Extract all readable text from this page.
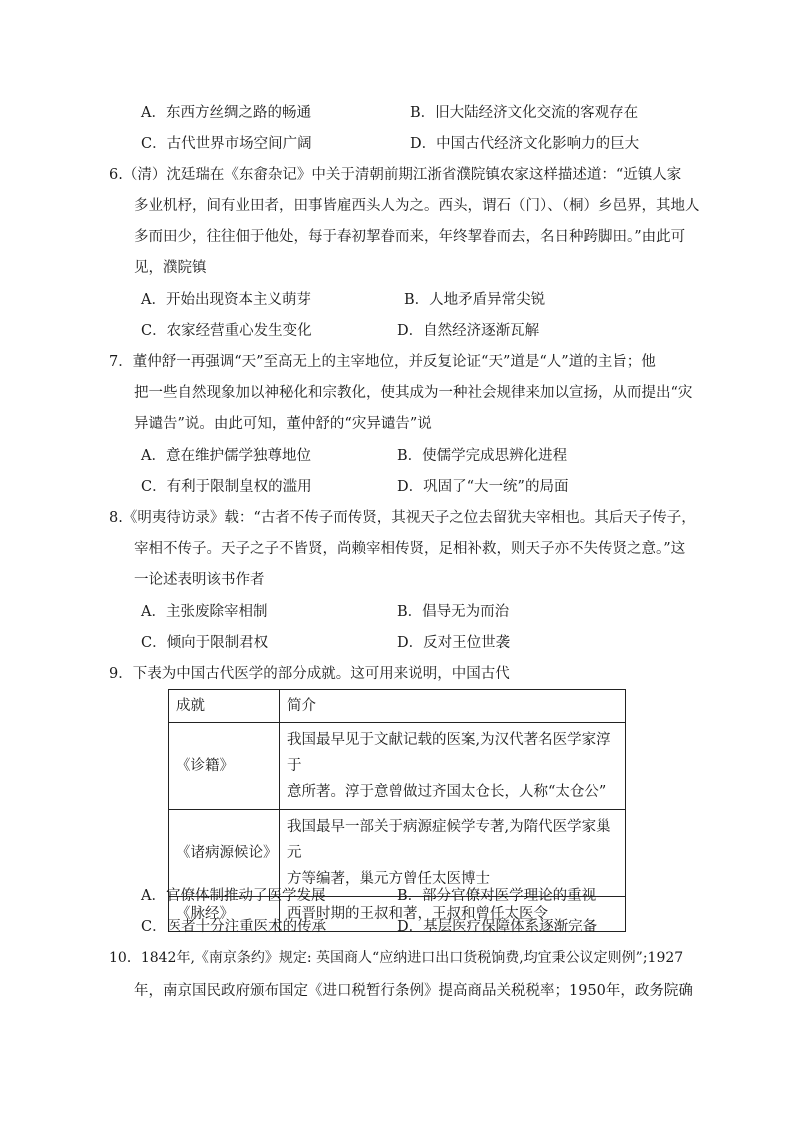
A．东西方丝绸之路的畅通	B．旧大陆经济文化交流的客观存在
C．古代世界市场空间广阔	D．中国古代经济文化影响力的巨大
6.（清）沈廷瑞在《东畲杂记》中关于清朝前期江浙省濮院镇农家这样描述道：“近镇人家
多业机杼，间有业田者，田事皆雇西头人为之。西头，谓石（门）、（桐）乡邑界，其地人
多而田少，往往佃于他处，每于春初挈眷而来，年终挈眷而去，名日种跨脚田。”由此可
见，濮院镇
A．开始出现资本主义萌芽	B．人地矛盾异常尖锐
C．农家经营重心发生变化	D．自然经济逐渐瓦解
7．董仲舒一再强调“天”至高无上的主宰地位，并反复论证“天”道是“人”道的主旨；他
把一些自然现象加以神秘化和宗教化，使其成为一种社会规律来加以宣扬，从而提出“灾
异谴告”说。由此可知，董仲舒的“灾异谴告”说
A．意在维护儒学独尊地位	B．使儒学完成思辨化进程
C．有利于限制皇权的滥用	D．巩固了“大一统”的局面
8.《明夷待访录》载：“古者不传子而传贤，其视天子之位去留犹夫宰相也。其后天子传子，
宰相不传子。天子之子不皆贤，尚赖宰相传贤，足相补救，则天子亦不失传贤之意。”这
一论述表明该书作者
A．主张废除宰相制	B．倡导无为而治
C．倾向于限制君权	D．反对王位世袭
9．下表为中国古代医学的部分成就。这可用来说明，中国古代
成就	简介
《诊籍》	我国最早见于文献记载的医案,为汉代著名医学家淳于
意所著。淳于意曾做过齐国太仓长，人称“太仓公”

《诸病源候论》	我国最早一部关于病源症候学专著,为隋代医学家巢元
方等编著，巢元方曾任太医博士

《脉经》	西晋时期的王叔和著，王叔和曾任太医令
A．官僚体制推动了医学发展	B．部分官僚对医学理论的重视
C．医者十分注重医术的传承	D．基层医疗保障体系逐渐完备
10．1842年,《南京条约》规定: 英国商人“应纳进口出口货税饷费,均宜秉公议定则例”;1927
年，南京国民政府颁布国定《进口税暂行条例》提高商品关税税率；1950年，政务院确
